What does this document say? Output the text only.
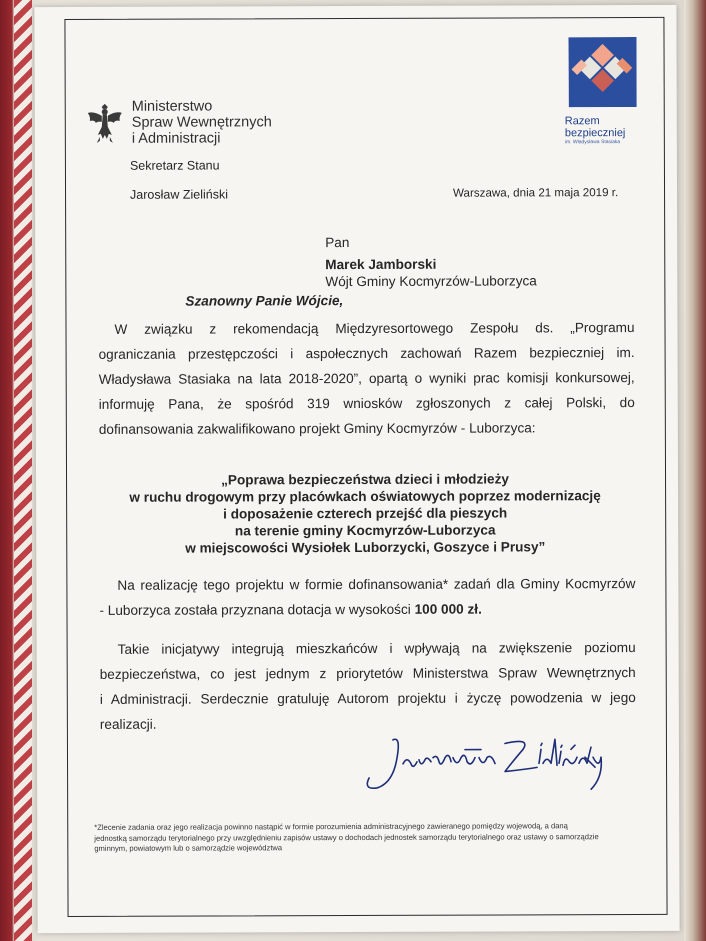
Ministerstwo
Spraw Wewnętrznych
i Administracji
Razem
bezpieczniej
im. Władysława Stasiaka
Sekretarz Stanu
Jarosław Zieliński	Warszawa, dnia 21 maja 2019 r.
Pan
Marek Jamborski
Wójt Gminy Kocmyrzów-Luborzyca
Szanowny Panie Wójcie,
W związku z rekomendacją Międzyresortowego Zespołu ds. „Programu
ograniczania przestępczości i aspołecznych zachowań Razem bezpieczniej im.
Władysława Stasiaka na lata 2018-2020”, opartą o wyniki prac komisji konkursowej,
informuję Pana, że spośród 319 wniosków zgłoszonych z całej Polski, do
dofinansowania zakwalifikowano projekt Gminy Kocmyrzów - Luborzyca:
„Poprawa bezpieczeństwa dzieci i młodzieży
w ruchu drogowym przy placówkach oświatowych poprzez modernizację
i doposażenie czterech przejść dla pieszych
na terenie gminy Kocmyrzów-Luborzyca
w miejscowości Wysiołek Luborzycki, Goszyce i Prusy”
Na realizację tego projektu w formie dofinansowania* zadań dla Gminy Kocmyrzów
- Luborzyca została przyznana dotacja w wysokości 100 000 zł.
Takie inicjatywy integrują mieszkańców i wpływają na zwiększenie poziomu
bezpieczeństwa, co jest jednym z priorytetów Ministerstwa Spraw Wewnętrznych
i Administracji. Serdecznie gratuluję Autorom projektu i życzę powodzenia w jego
realizacji.
*Zlecenie zadania oraz jego realizacja powinno nastąpić w formie porozumienia administracyjnego zawieranego pomiędzy wojewodą, a daną
jednostką samorządu terytorialnego przy uwzględnieniu zapisów ustawy o dochodach jednostek samorządu terytorialnego oraz ustawy o samorządzie
gminnym, powiatowym lub o samorządzie województwa
